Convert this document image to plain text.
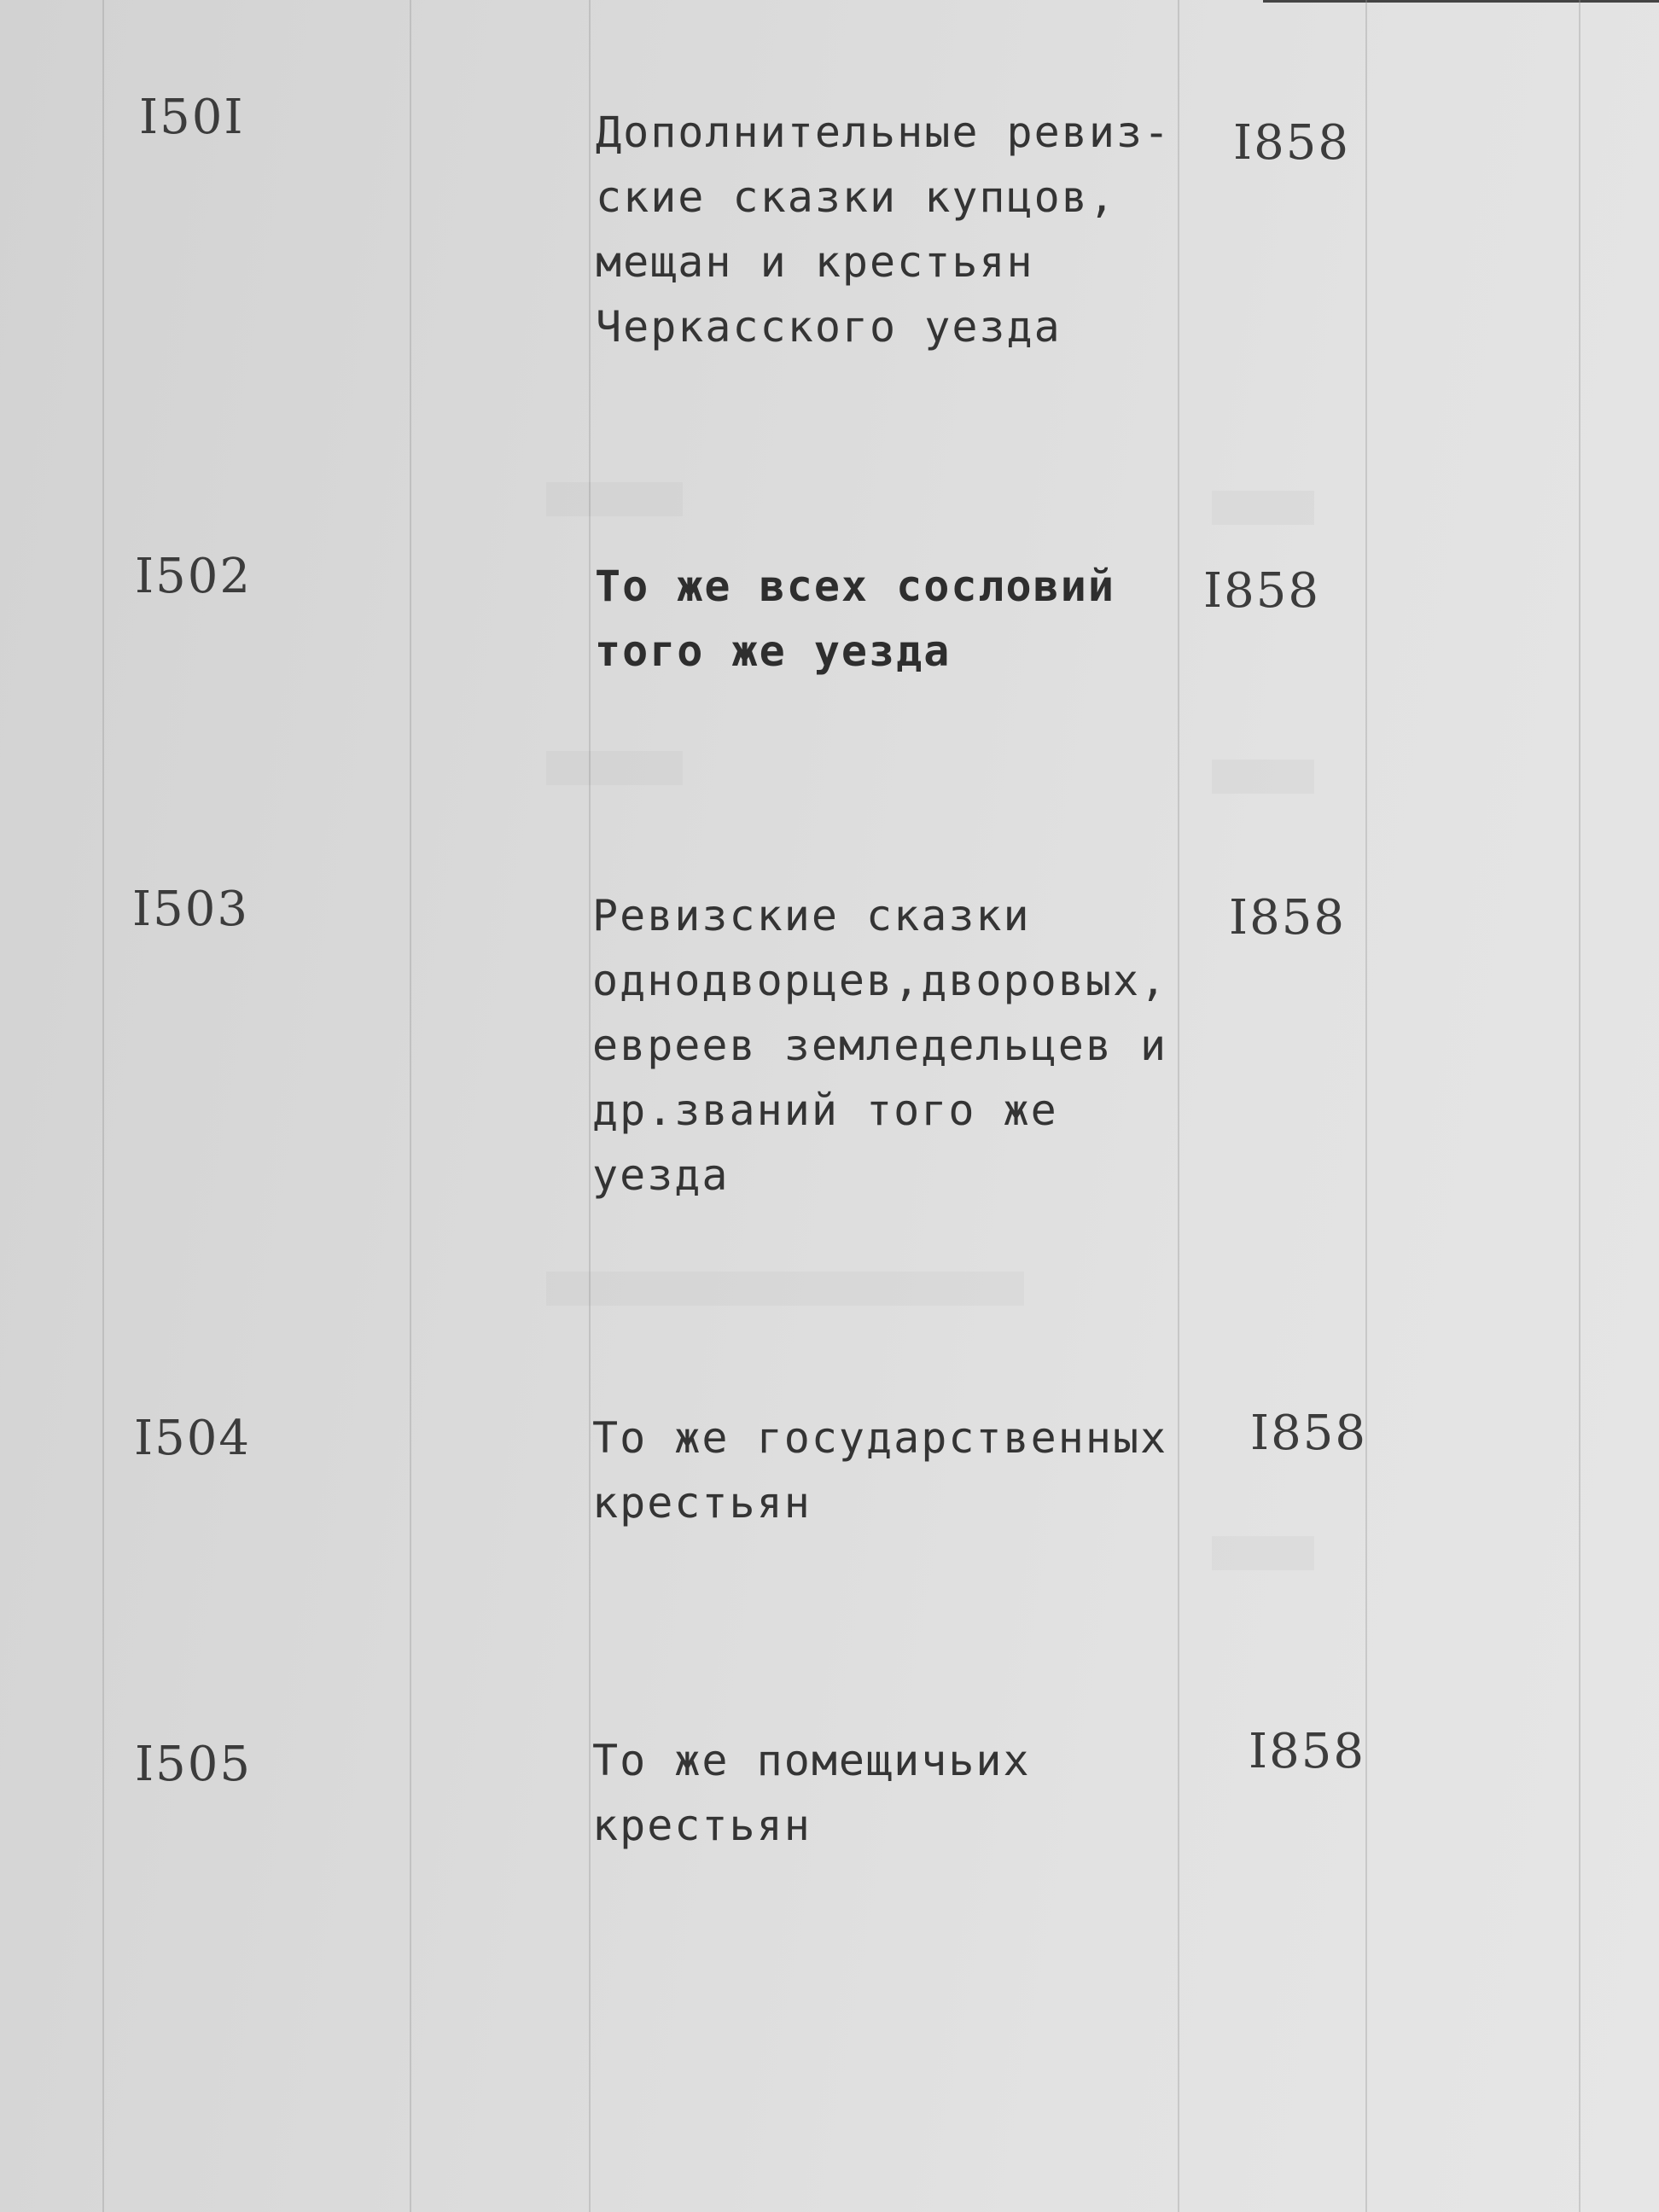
I50I	Дополнительные ревиз-
ские сказки купцов,
мещан и крестьян
Черкасского уезда
I858
I502	То же всех сословий
того же уезда
I858
I503	Ревизские сказки
однодворцев,дворовых,
евреев земледельцев и
др.званий того же
уезда
I858
I504	То же государственных
крестьян
I858
I505	То же помещичьих
крестьян
I858
